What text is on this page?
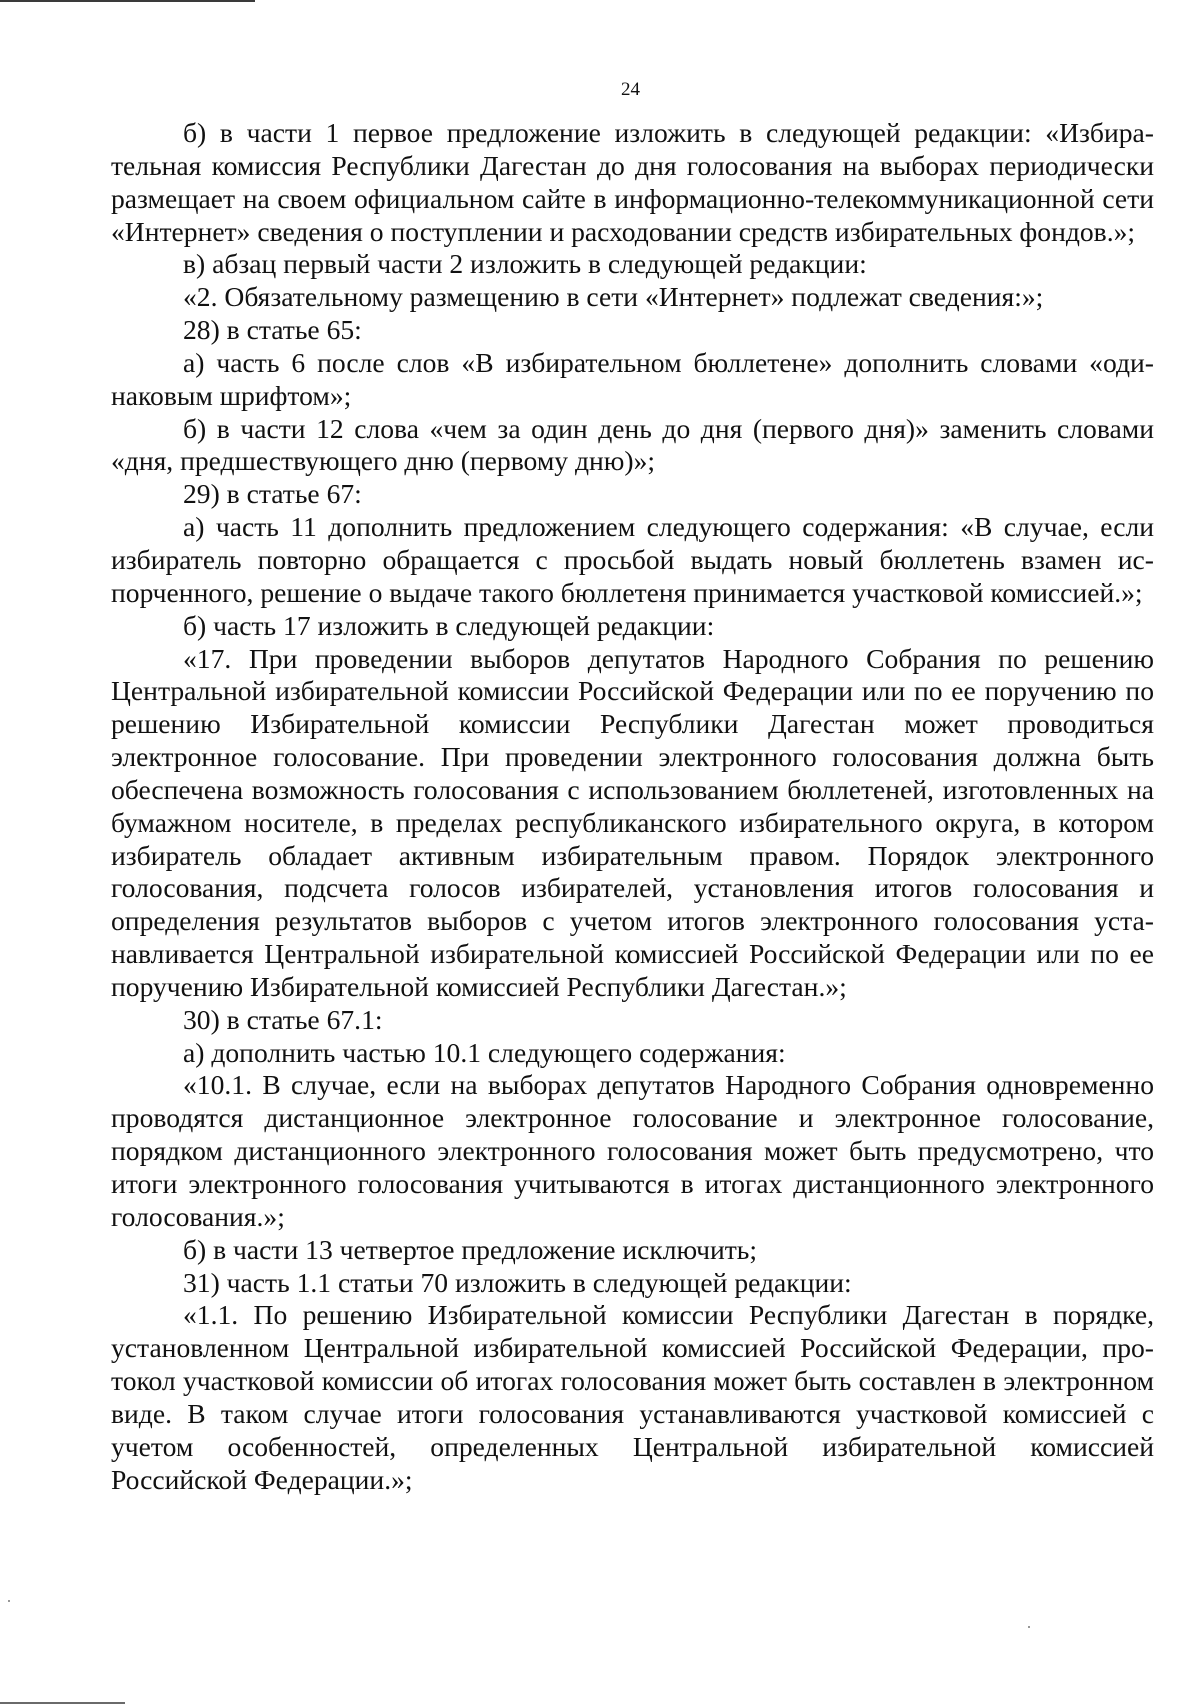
24

б) в части 1 первое предложение изложить в следующей редакции: «Избирательная комиссия Республики Дагестан до дня голосования на выборах периодически размещает на своем официальном сайте в информационно-телекоммуникационной сети «Интернет» сведения о поступлении и расходовании средств избирательных фондов.»;

в) абзац первый части 2 изложить в следующей редакции:

«2. Обязательному размещению в сети «Интернет» подлежат сведения:»;

28) в статье 65:

а) часть 6 после слов «В избирательном бюллетене» дополнить словами «одинаковым шрифтом»;

б) в части 12 слова «чем за один день до дня (первого дня)» заменить словами «дня, предшествующего дню (первому дню)»;

29) в статье 67:

а) часть 11 дополнить предложением следующего содержания: «В случае, если избиратель повторно обращается с просьбой выдать новый бюллетень взамен испорченного, решение о выдаче такого бюллетеня принимается участковой комиссией.»;

б) часть 17 изложить в следующей редакции:

«17. При проведении выборов депутатов Народного Собрания по решению Центральной избирательной комиссии Российской Федерации или по ее поручению по решению Избирательной комиссии Республики Дагестан может проводиться электронное голосование. При проведении электронного голосования должна быть обеспечена возможность голосования с использованием бюллетеней, изготовленных на бумажном носителе, в пределах республиканского избирательного округа, в котором избиратель обладает активным избирательным правом. Порядок электронного голосования, подсчета голосов избирателей, установления итогов голосования и определения результатов выборов с учетом итогов электронного голосования устанавливается Центральной избирательной комиссией Российской Федерации или по ее поручению Избирательной комиссией Республики Дагестан.»;

30) в статье 67.1:

а) дополнить частью 10.1 следующего содержания:

«10.1. В случае, если на выборах депутатов Народного Собрания одновременно проводятся дистанционное электронное голосование и электронное голосование, порядком дистанционного электронного голосования может быть предусмотрено, что итоги электронного голосования учитываются в итогах дистанционного электронного голосования.»;

б) в части 13 четвертое предложение исключить;

31) часть 1.1 статьи 70 изложить в следующей редакции:

«1.1. По решению Избирательной комиссии Республики Дагестан в порядке, установленном Центральной избирательной комиссией Российской Федерации, протокол участковой комиссии об итогах голосования может быть составлен в электронном виде. В таком случае итоги голосования устанавливаются участковой комиссией с учетом особенностей, определенных Центральной избирательной комиссией Российской Федерации.»;
